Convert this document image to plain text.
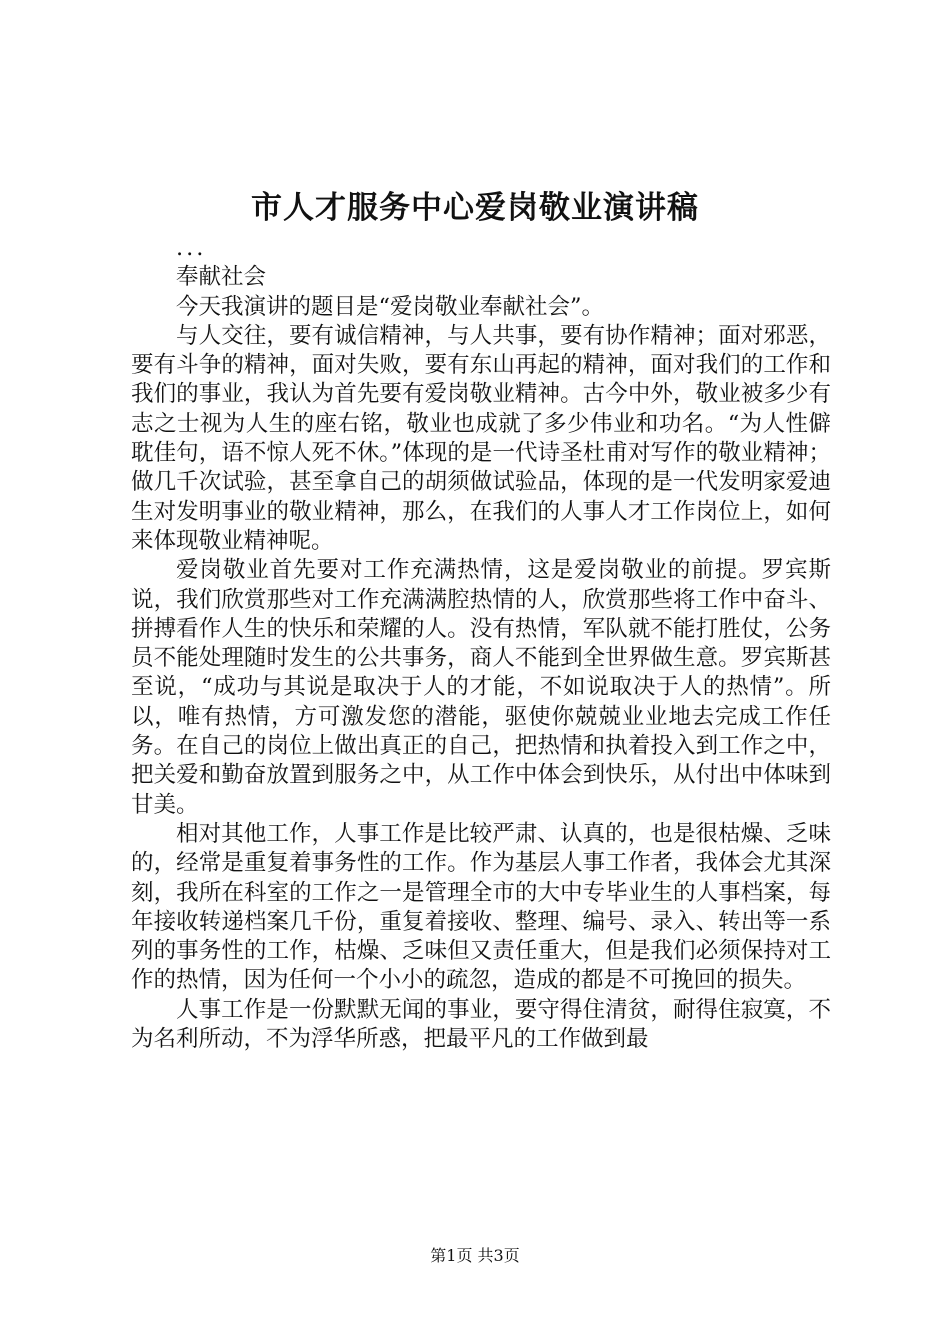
市人才服务中心爱岗敬业演讲稿
...

奉献社会

今天我演讲的题目是“爱岗敬业奉献社会”。

与人交往，要有诚信精神，与人共事，要有协作精神；面对邪恶，要有斗争的精神，面对失败，要有东山再起的精神，面对我们的工作和我们的事业，我认为首先要有爱岗敬业精神。古今中外，敬业被多少有志之士视为人生的座右铭，敬业也成就了多少伟业和功名。“为人性僻耽佳句，语不惊人死不休。”体现的是一代诗圣杜甫对写作的敬业精神；做几千次试验，甚至拿自己的胡须做试验品，体现的是一代发明家爱迪生对发明事业的敬业精神，那么，在我们的人事人才工作岗位上，如何来体现敬业精神呢。

爱岗敬业首先要对工作充满热情，这是爱岗敬业的前提。罗宾斯说，我们欣赏那些对工作充满满腔热情的人，欣赏那些将工作中奋斗、拼搏看作人生的快乐和荣耀的人。没有热情，军队就不能打胜仗，公务员不能处理随时发生的公共事务，商人不能到全世界做生意。罗宾斯甚至说，“成功与其说是取决于人的才能，不如说取决于人的热情”。所以，唯有热情，方可激发您的潜能，驱使你兢兢业业地去完成工作任务。在自己的岗位上做出真正的自己，把热情和执着投入到工作之中，把关爱和勤奋放置到服务之中，从工作中体会到快乐，从付出中体味到甘美。

相对其他工作，人事工作是比较严肃、认真的，也是很枯燥、乏味的，经常是重复着事务性的工作。作为基层人事工作者，我体会尤其深刻，我所在科室的工作之一是管理全市的大中专毕业生的人事档案，每年接收转递档案几千份，重复着接收、整理、编号、录入、转出等一系列的事务性的工作，枯燥、乏味但又责任重大，但是我们必须保持对工作的热情，因为任何一个小小的疏忽，造成的都是不可挽回的损失。

人事工作是一份默默无闻的事业，要守得住清贫，耐得住寂寞，不为名利所动，不为浮华所惑，把最平凡的工作做到最

第1页 共3页
